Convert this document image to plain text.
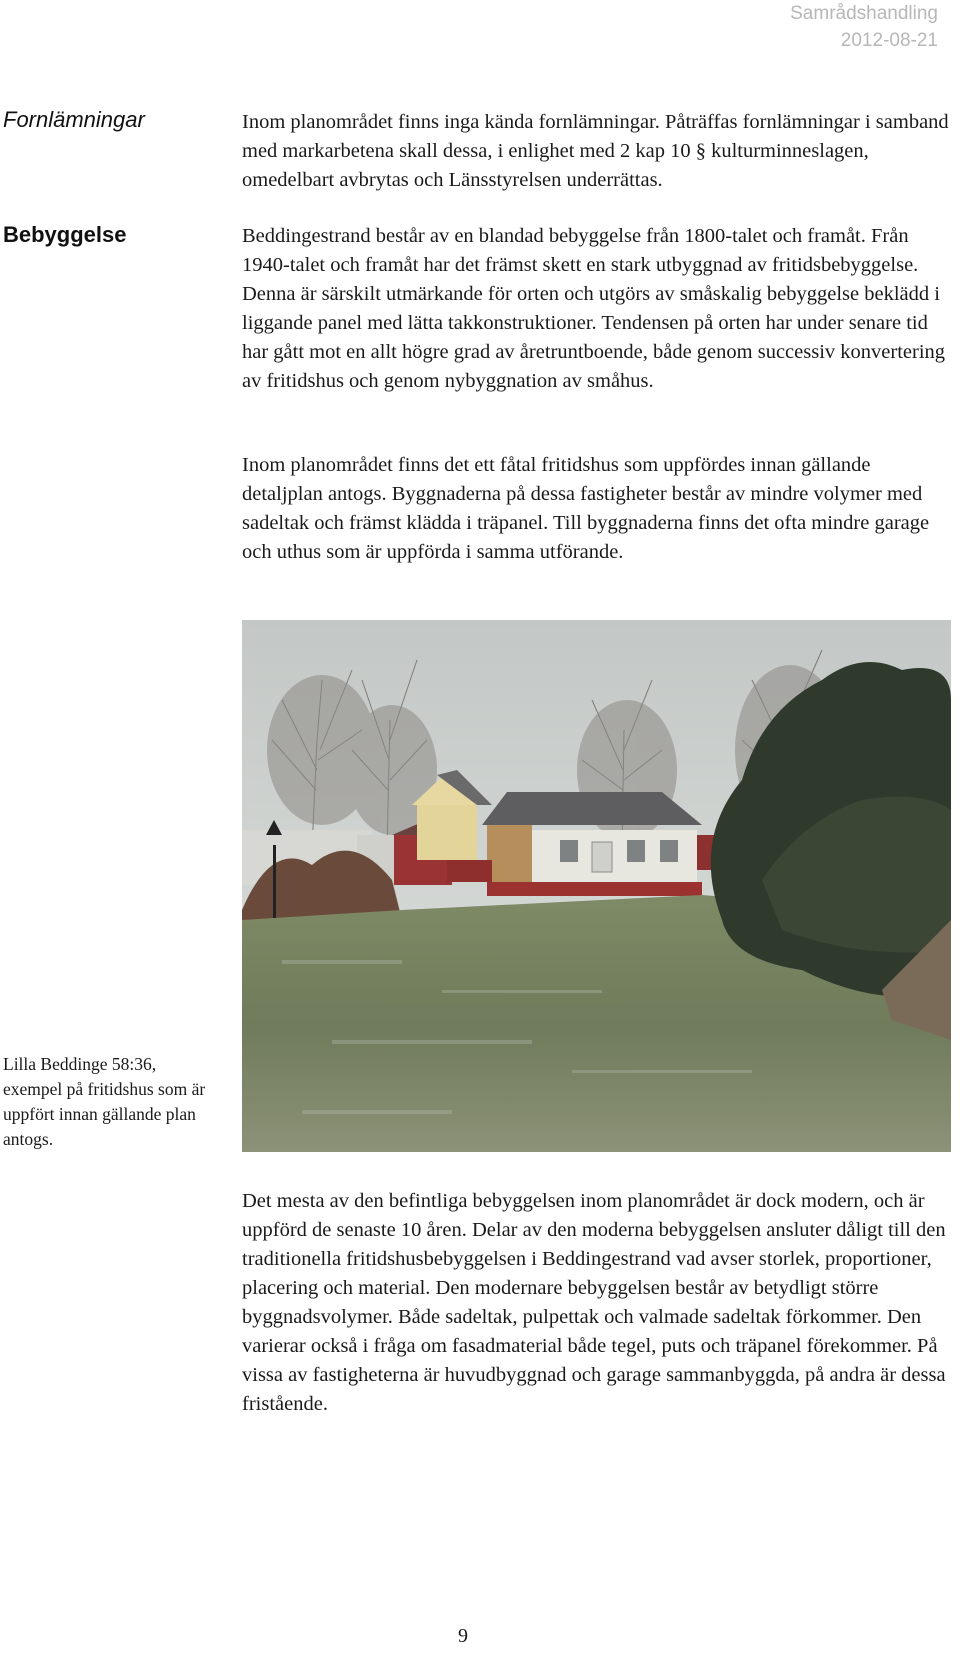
Samrådshandling
2012-08-21
Fornlämningar	Inom planområdet finns inga kända fornlämningar. Påträffas fornlämningar i samband med markarbetena skall dessa, i enlighet med 2 kap 10 § kulturminneslagen, omedelbart avbrytas och Länsstyrelsen underrättas.

Bebyggelse	Beddingestrand består av en blandad bebyggelse från 1800-talet och framåt. Från 1940-talet och framåt har det främst skett en stark utbyggnad av fritidsbebyggelse. Denna är särskilt utmärkande för orten och utgörs av småskalig bebyggelse beklädd i liggande panel med lätta takkonstruktioner. Tendensen på orten har under senare tid har gått mot en allt högre grad av åretruntboende, både genom successiv konvertering av fritidshus och genom nybyggnation av småhus.

Inom planområdet finns det ett fåtal fritidshus som uppfördes innan gällande detaljplan antogs. Byggnaderna på dessa fastigheter består av mindre volymer med sadeltak och främst klädda i träpanel. Till byggnaderna finns det ofta mindre garage och uthus som är uppförda i samma utförande.

Lilla Beddinge 58:36, exempel på fritidshus som är uppfört innan gällande plan antogs.

Det mesta av den befintliga bebyggelsen inom planområdet är dock modern, och är uppförd de senaste 10 åren. Delar av den moderna bebyggelsen ansluter dåligt till den traditionella fritidshusbebyggelsen i Beddingestrand vad avser storlek, proportioner, placering och material. Den modernare bebyggelsen består av betydligt större byggnadsvolymer. Både sadeltak, pulpettak och valmade sadeltak förkommer. Den varierar också i fråga om fasadmaterial både tegel, puts och träpanel förekommer. På vissa av fastigheterna är huvudbyggnad och garage sammanbyggda, på andra är dessa fristående.

9
